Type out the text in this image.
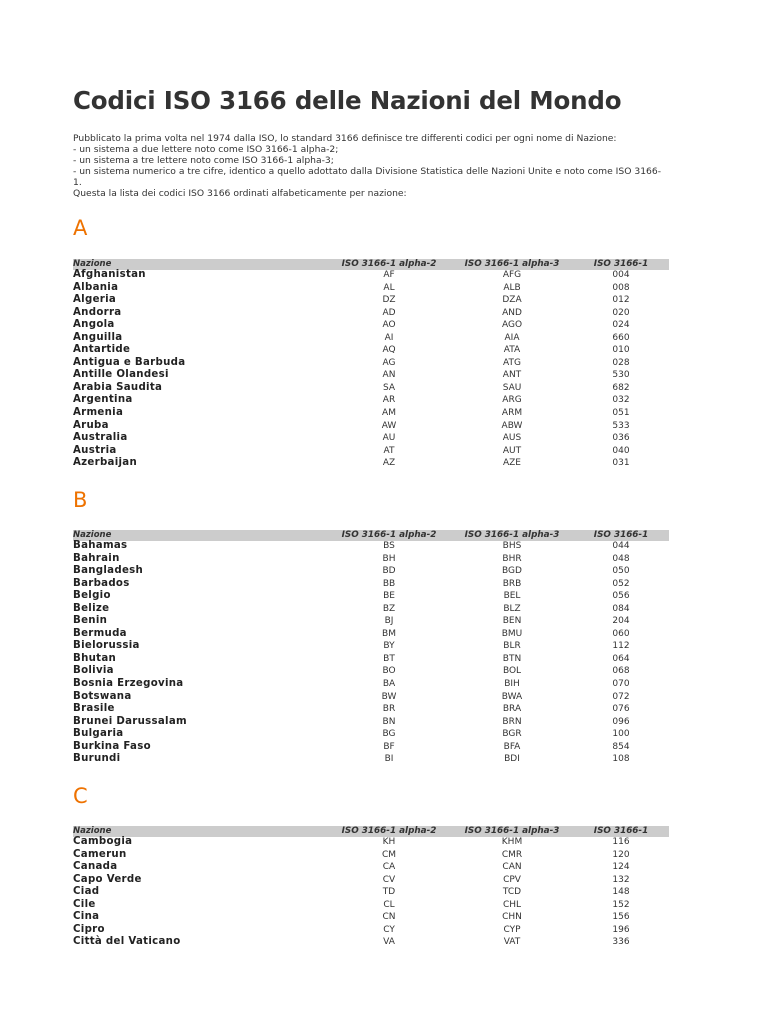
Codici ISO 3166 delle Nazioni del Mondo
Pubblicato la prima volta nel 1974 dalla ISO, lo standard 3166 definisce tre differenti codici per ogni nome di Nazione:
- un sistema a due lettere noto come ISO 3166-1 alpha-2;
- un sistema a tre lettere noto come ISO 3166-1 alpha-3;
- un sistema numerico a tre cifre, identico a quello adottato dalla Divisione Statistica delle Nazioni Unite e noto come ISO 3166-1.
Questa la lista dei codici ISO 3166 ordinati alfabeticamente per nazione:
A
Nazione	ISO 3166-1 alpha-2	ISO 3166-1 alpha-3	ISO 3166-1
Afghanistan	AF	AFG	004
Albania	AL	ALB	008
Algeria	DZ	DZA	012
Andorra	AD	AND	020
Angola	AO	AGO	024
Anguilla	AI	AIA	660
Antartide	AQ	ATA	010
Antigua e Barbuda	AG	ATG	028
Antille Olandesi	AN	ANT	530
Arabia Saudita	SA	SAU	682
Argentina	AR	ARG	032
Armenia	AM	ARM	051
Aruba	AW	ABW	533
Australia	AU	AUS	036
Austria	AT	AUT	040
Azerbaijan	AZ	AZE	031
B
Nazione	ISO 3166-1 alpha-2	ISO 3166-1 alpha-3	ISO 3166-1
Bahamas	BS	BHS	044
Bahrain	BH	BHR	048
Bangladesh	BD	BGD	050
Barbados	BB	BRB	052
Belgio	BE	BEL	056
Belize	BZ	BLZ	084
Benin	BJ	BEN	204
Bermuda	BM	BMU	060
Bielorussia	BY	BLR	112
Bhutan	BT	BTN	064
Bolivia	BO	BOL	068
Bosnia Erzegovina	BA	BIH	070
Botswana	BW	BWA	072
Brasile	BR	BRA	076
Brunei Darussalam	BN	BRN	096
Bulgaria	BG	BGR	100
Burkina Faso	BF	BFA	854
Burundi	BI	BDI	108
C
Nazione	ISO 3166-1 alpha-2	ISO 3166-1 alpha-3	ISO 3166-1
Cambogia	KH	KHM	116
Camerun	CM	CMR	120
Canada	CA	CAN	124
Capo Verde	CV	CPV	132
Ciad	TD	TCD	148
Cile	CL	CHL	152
Cina	CN	CHN	156
Cipro	CY	CYP	196
Città del Vaticano	VA	VAT	336
